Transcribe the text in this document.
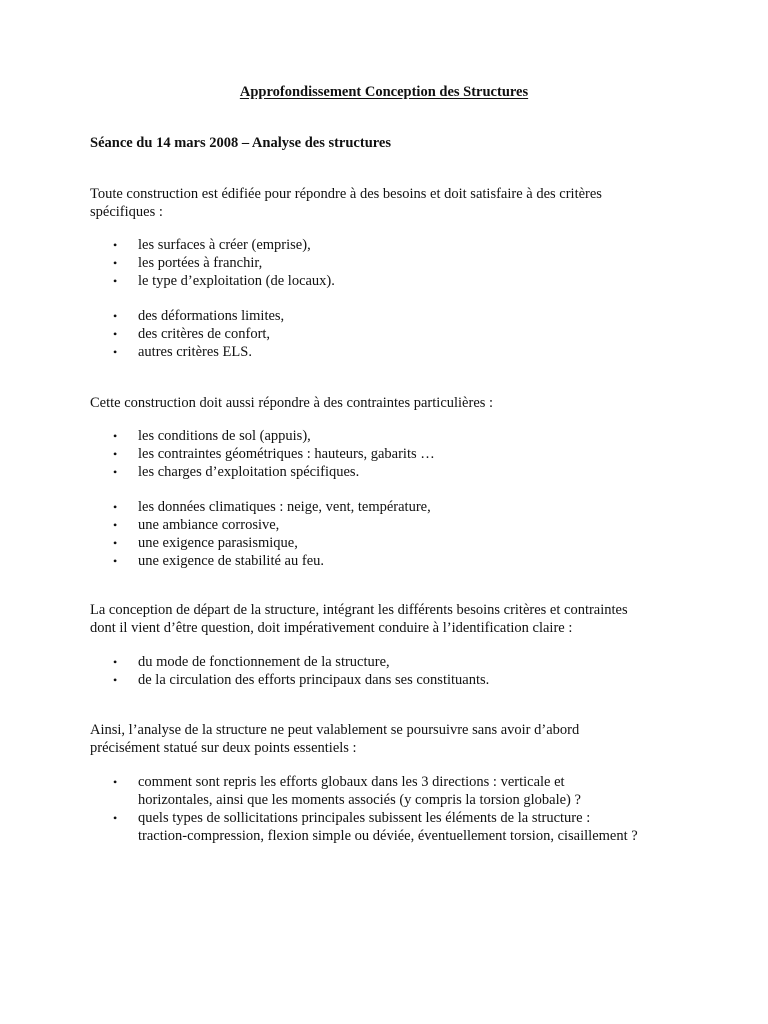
Approfondissement Conception des Structures

Séance du 14 mars 2008 – Analyse des structures

Toute construction est édifiée pour répondre à des besoins et doit satisfaire à des critères
spécifiques :

• les surfaces à créer (emprise),
• les portées à franchir,
• le type d’exploitation (de locaux).
• des déformations limites,
• des critères de confort,
• autres critères ELS.

Cette construction doit aussi répondre à des contraintes particulières :

• les conditions de sol (appuis),
• les contraintes géométriques : hauteurs, gabarits …
• les charges d’exploitation spécifiques.
• les données climatiques : neige, vent, température,
• une ambiance corrosive,
• une exigence parasismique,
• une exigence de stabilité au feu.

La conception de départ de la structure, intégrant les différents besoins critères et contraintes
dont il vient d’être question, doit impérativement conduire à l’identification claire :

• du mode de fonctionnement de la structure,
• de la circulation des efforts principaux dans ses constituants.

Ainsi, l’analyse de la structure ne peut valablement se poursuivre sans avoir d’abord
précisément statué sur deux points essentiels :

• comment sont repris les efforts globaux dans les 3 directions : verticale et
horizontales, ainsi que les moments associés (y compris la torsion globale) ?
• quels types de sollicitations principales subissent les éléments de la structure :
traction-compression, flexion simple ou déviée, éventuellement torsion, cisaillement ?
